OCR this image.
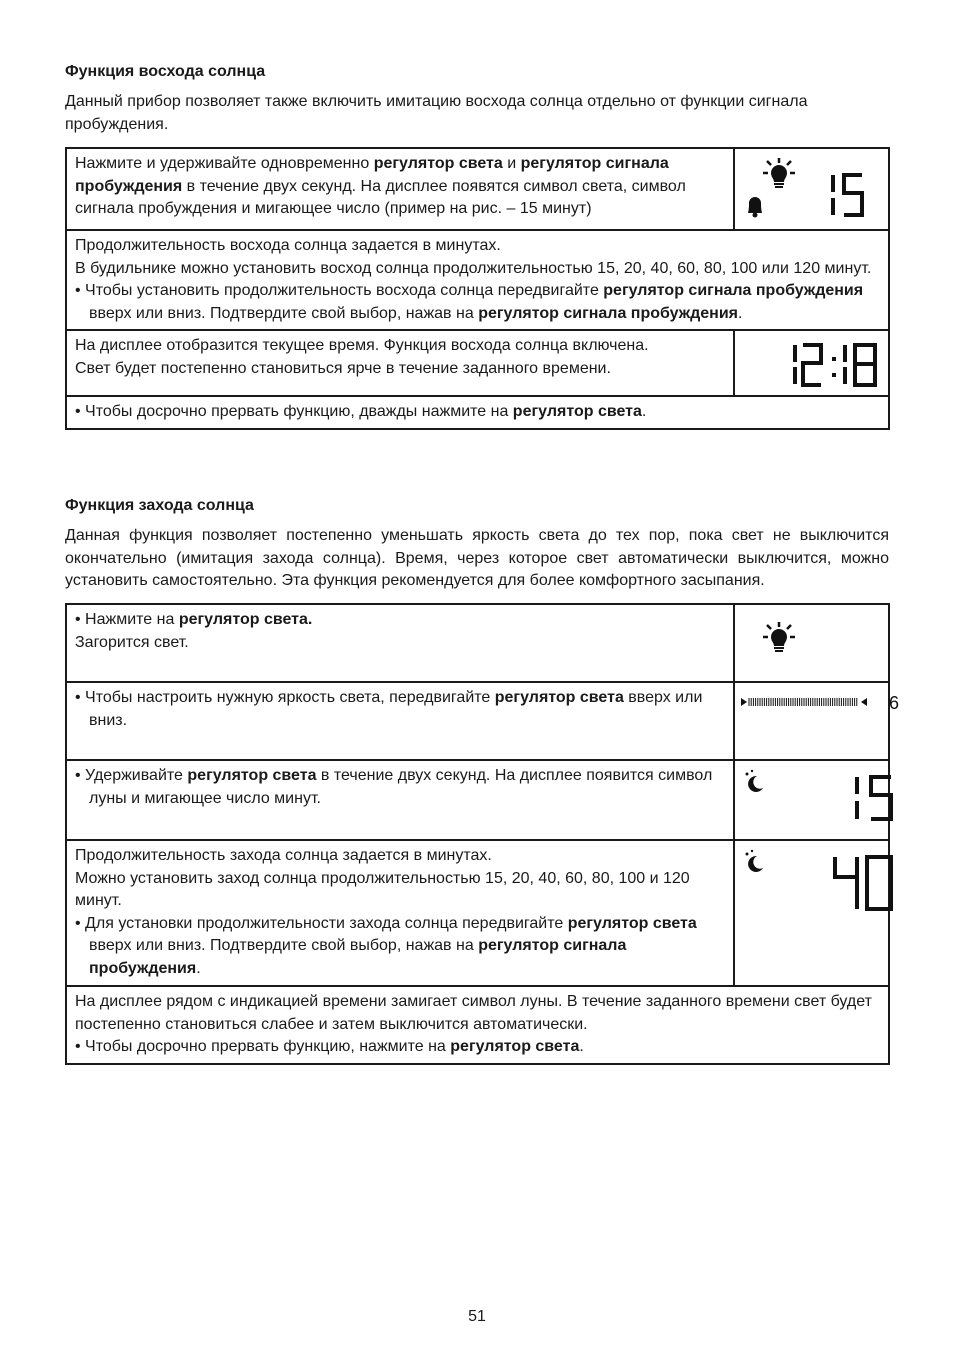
Функция восхода солнца

Данный прибор позволяет также включить имитацию восхода солнца отдельно от функции сигнала пробуждения.

Нажмите и удерживайте одновременно регулятор света и регулятор сигнала пробуждения в течение двух секунд. На дисплее появятся символ света, символ сигнала пробуждения и мигающее число (пример на рис. – 15 минут)	

Продолжительность восхода солнца задается в минутах.
В будильнике можно установить восход солнца продолжительностью 15, 20, 40, 60, 80, 100 или 120 минут.
• Чтобы установить продолжительность восхода солнца передвигайте регулятор сигнала пробуждения вверх или вниз. Подтвердите свой выбор, нажав на регулятор сигнала пробуждения.	

На дисплее отобразится текущее время. Функция восхода солнца включена.
Свет будет постепенно становиться ярче в течение заданного времени.

• Чтобы досрочно прервать функцию, дважды нажмите на регулятор света.	
Функция захода солнца

Данная функция позволяет постепенно уменьшать яркость света до тех пор, пока свет не выключится окончательно (имитация захода солнца). Время, через которое свет автоматически выключится, можно установить самостоятельно. Эта функция рекомендуется для более комфортного засыпания.

• Нажмите на регулятор света.
Загорится свет.

• Чтобы настроить нужную яркость света, передвигайте регулятор света вверх или вниз.	6

• Удерживайте регулятор света в течение двух секунд. На дисплее появится символ луны и мигающее число минут.

Продолжительность захода солнца задается в минутах.
Можно установить заход солнца продолжительностью 15, 20, 40, 60, 80, 100 и 120 минут.
• Для установки продолжительности захода солнца передвигайте регулятор света вверх или вниз. Подтвердите свой выбор, нажав на регулятор сигнала пробуждения.

На дисплее рядом с индикацией времени замигает символ луны. В течение заданного времени свет будет постепенно становиться слабее и затем выключится автоматически.
• Чтобы досрочно прервать функцию, нажмите на регулятор света.	
51
